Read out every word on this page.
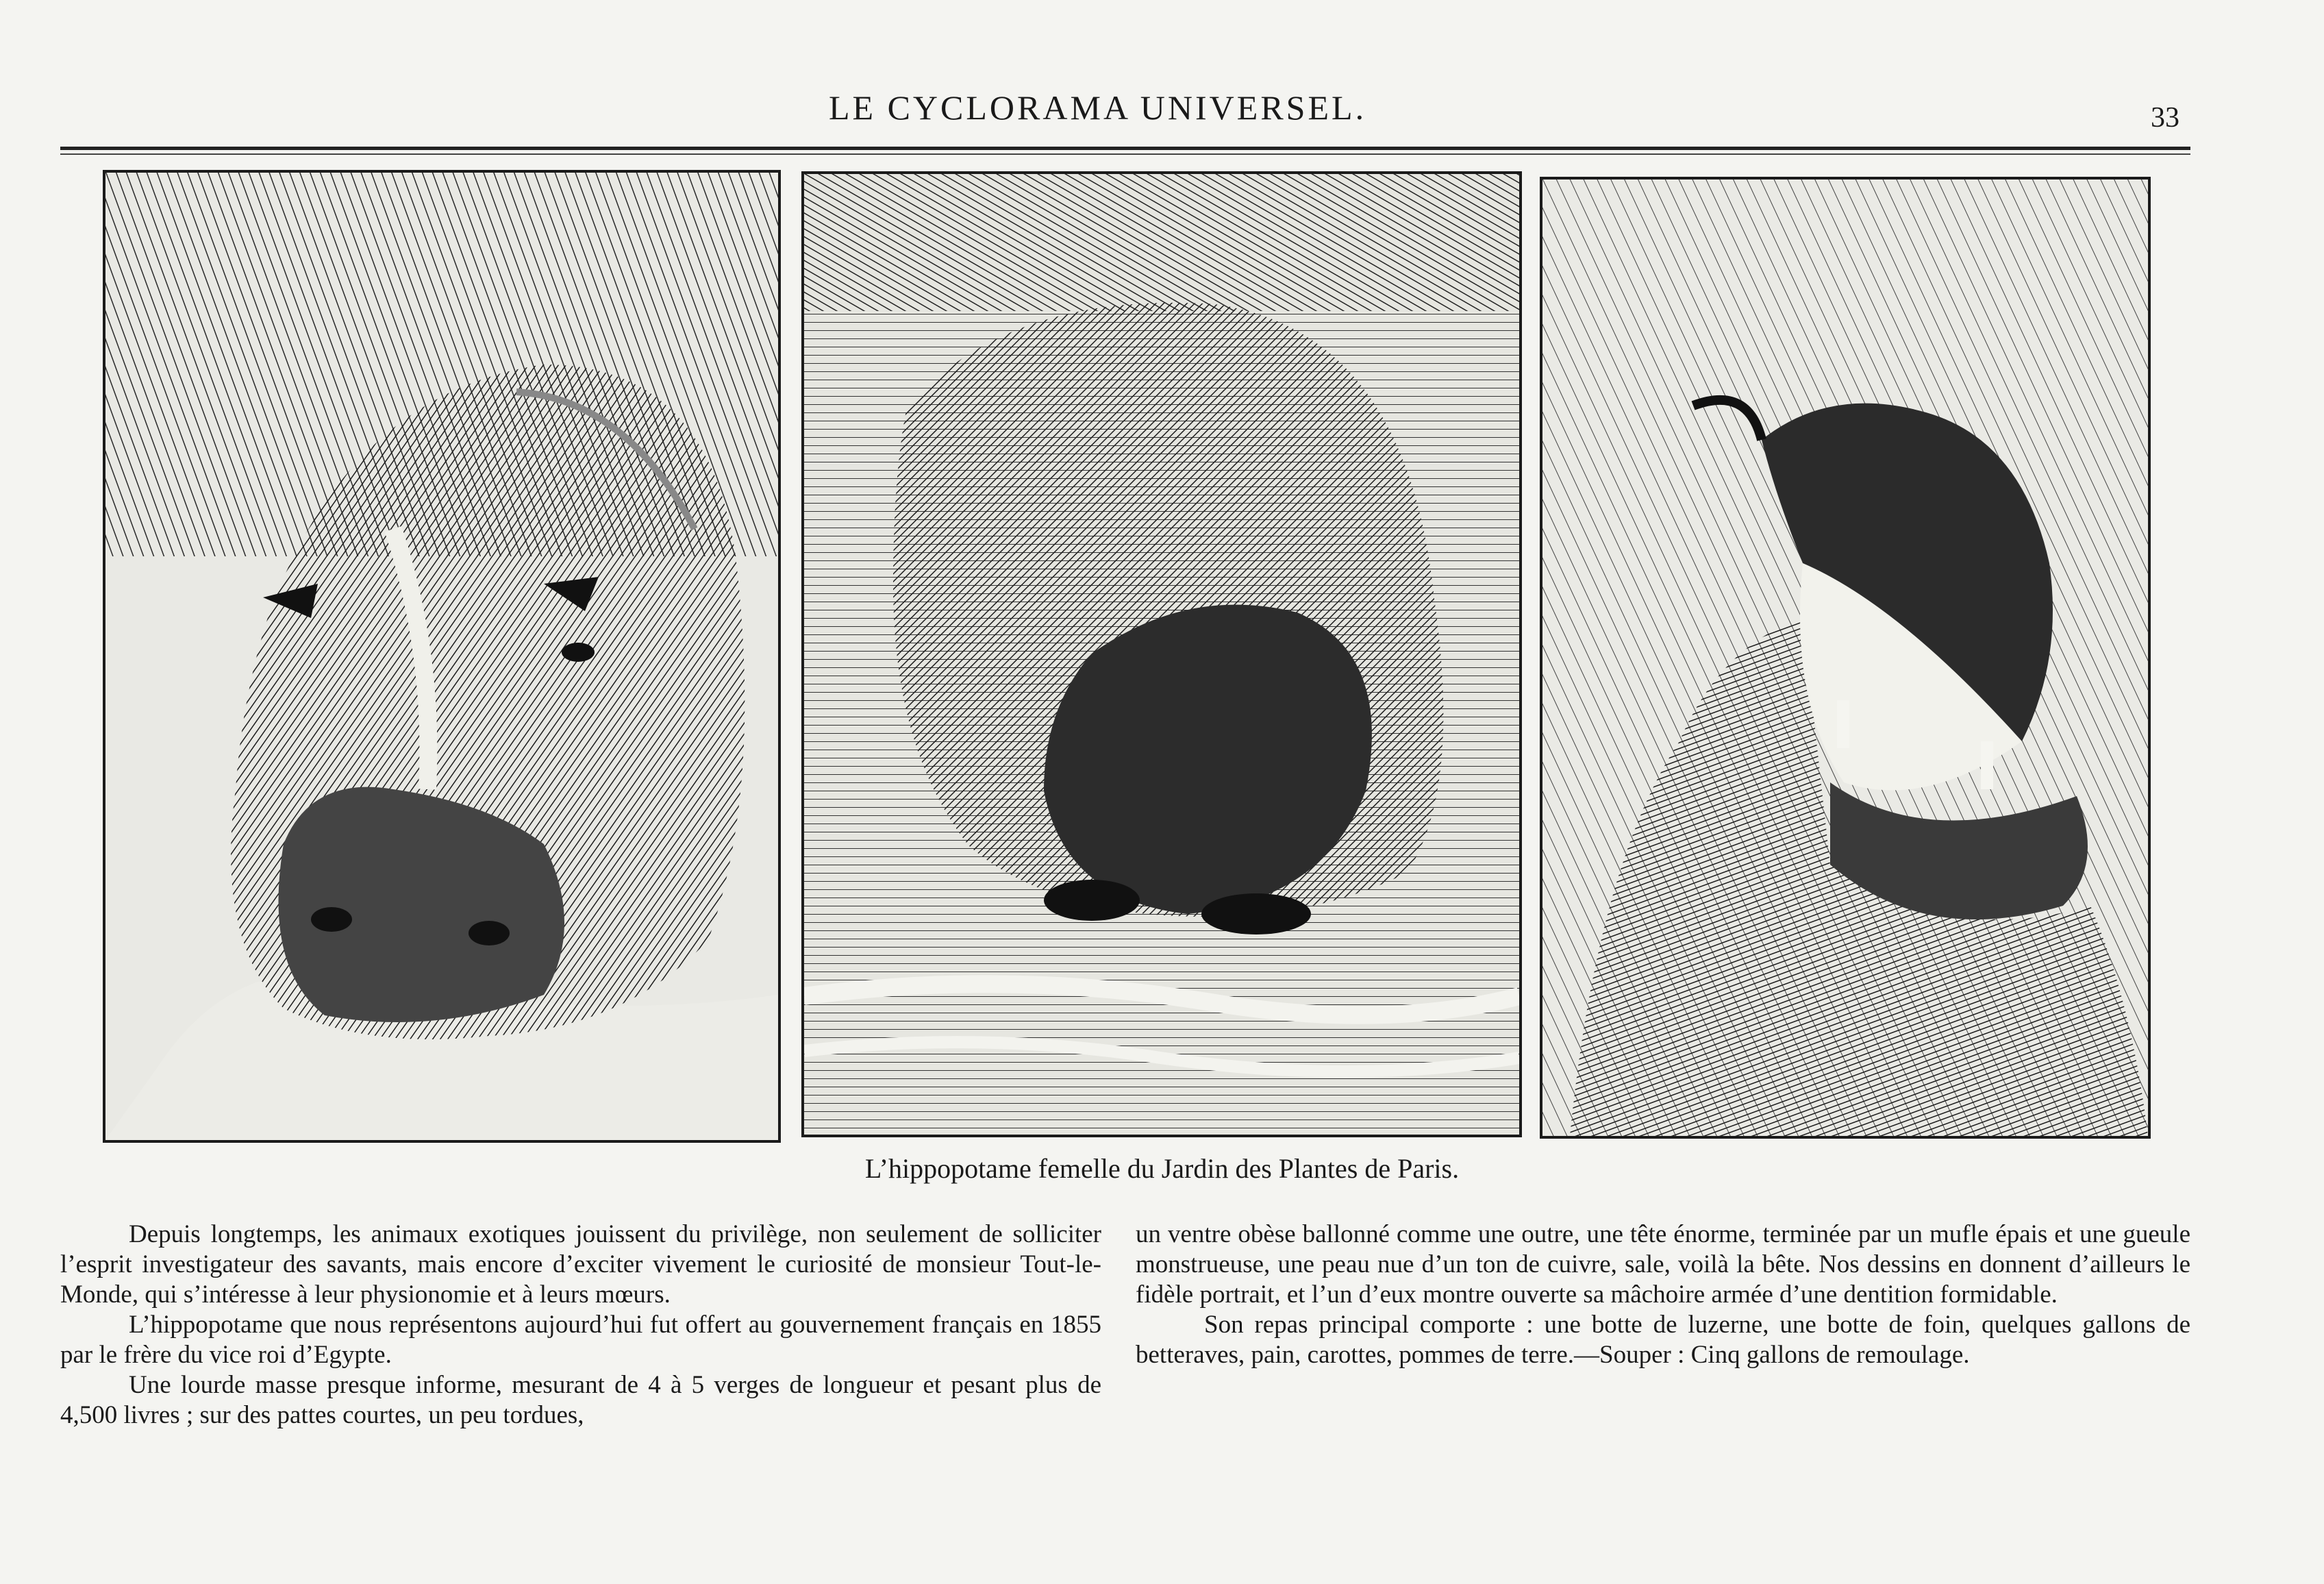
LE CYCLORAMA UNIVERSEL.	33
L’hippopotame femelle du Jardin des Plantes de Paris.

Depuis longtemps, les animaux exotiques jouissent du privilège, non seulement de solliciter l’esprit investigateur des savants, mais encore d’exciter vivement le curiosité de monsieur Tout-le-Monde, qui s’intéresse à leur physionomie et à leurs mœurs.

L’hippopotame que nous représentons aujourd’hui fut offert au gouvernement français en 1855 par le frère du vice roi d’Egypte.

Une lourde masse presque informe, mesurant de 4 à 5 verges de longueur et pesant plus de 4,500 livres ; sur des pattes courtes, un peu tordues,

un ventre obèse ballonné comme une outre, une tête énorme, terminée par un mufle épais et une gueule monstrueuse, une peau nue d’un ton de cuivre, sale, voilà la bête. Nos dessins en donnent d’ailleurs le fidèle portrait, et l’un d’eux montre ouverte sa mâchoire armée d’une dentition formidable.

Son repas principal comporte : une botte de luzerne, une botte de foin, quelques gallons de betteraves, pain, carottes, pommes de terre.—Souper : Cinq gallons de remoulage.
